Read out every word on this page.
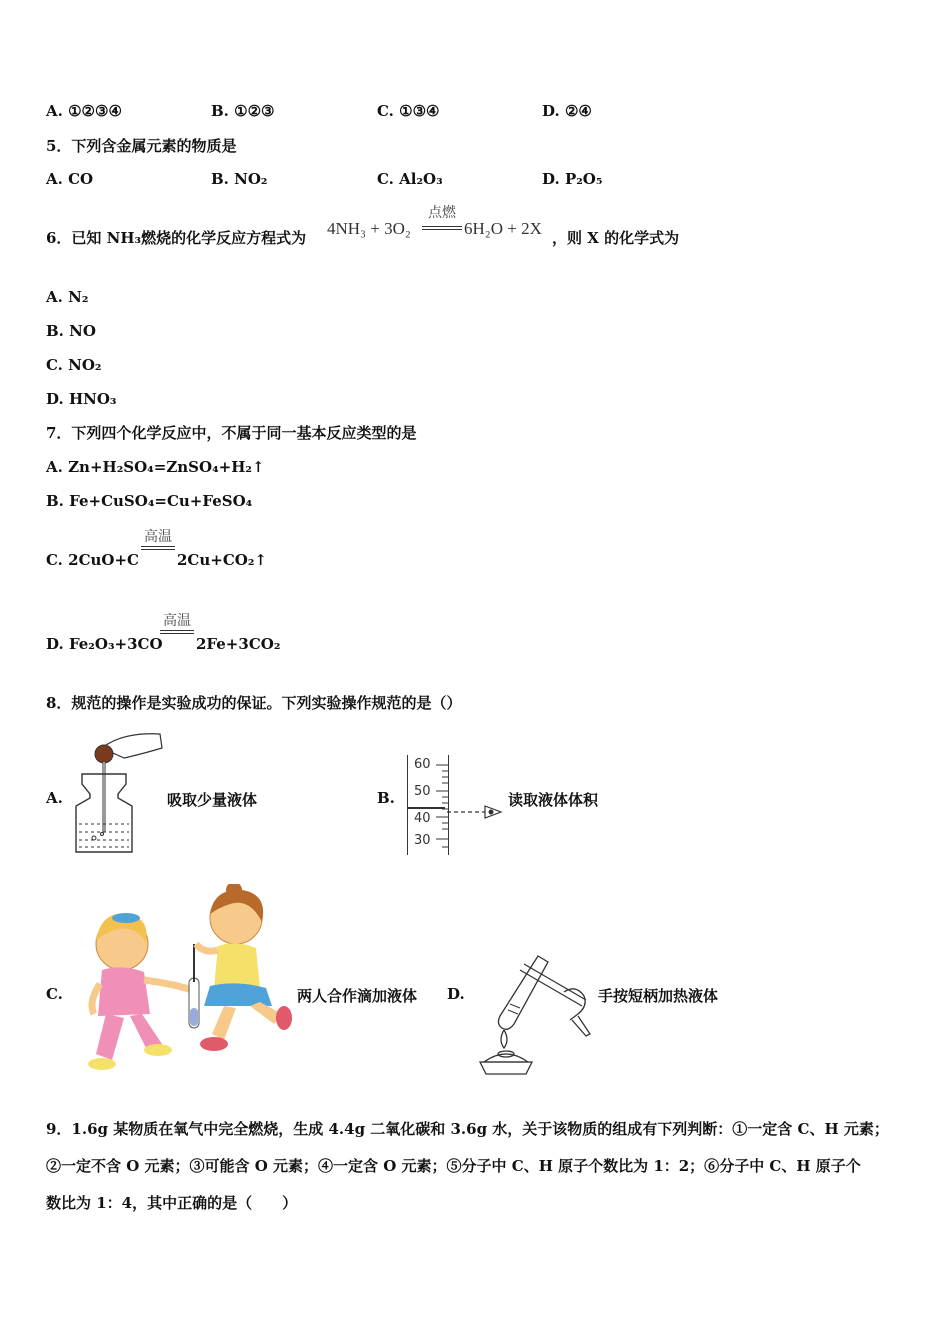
A. ①②③④	B. ①②③	C. ①③④	D. ②④
5．下列含金属元素的物质是
A. CO	B. NO₂	C. Al₂O₃	D. P₂O₅
6．已知 NH₃燃烧的化学反应方程式为 4NH₃ + 3O₂
点燃
6H₂O + 2X ，则 X 的化学式为
A. N₂
B. NO
C. NO₂
D. HNO₃
7．下列四个化学反应中，不属于同一基本反应类型的是
A. Zn+H₂SO₄=ZnSO₄+H₂↑
B. Fe+CuSO₄=Cu+FeSO₄
C. 2CuO+C
高温
2Cu+CO₂↑
D. Fe₂O₃+3CO
高温
2Fe+3CO₂
8．规范的操作是实验成功的保证。下列实验操作规范的是（）
A.	吸取少量液体	B.
60
50
40
30
读取液体体积
C.	两人合作滴加液体 D.	手按短柄加热液体
9．1.6g 某物质在氧气中完全燃烧，生成 4.4g 二氧化碳和 3.6g 水，关于该物质的组成有下列判断：①一定含 C、H 元素；
②一定不含 O 元素；③可能含 O 元素；④一定含 O 元素；⑤分子中 C、H 原子个数比为 1：2；⑥分子中 C、H 原子个
数比为 1：4，其中正确的是（　　）
